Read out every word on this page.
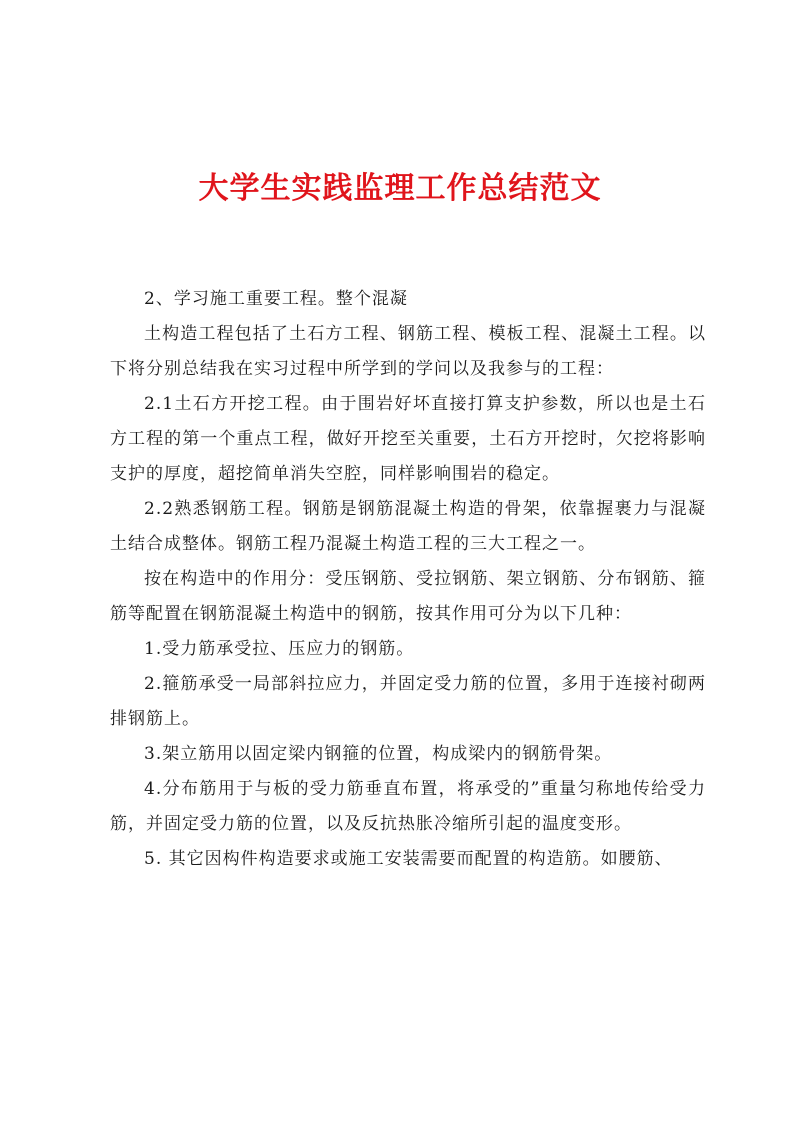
大学生实践监理工作总结范文

2、学习施工重要工程。整个混凝

土构造工程包括了土石方工程、钢筋工程、模板工程、混凝土工程。以下将分别总结我在实习过程中所学到的学问以及我参与的工程：

2.1土石方开挖工程。由于围岩好坏直接打算支护参数，所以也是土石方工程的第一个重点工程，做好开挖至关重要，土石方开挖时，欠挖将影响支护的厚度，超挖简单消失空腔，同样影响围岩的稳定。

2.2熟悉钢筋工程。钢筋是钢筋混凝土构造的骨架，依靠握裹力与混凝土结合成整体。钢筋工程乃混凝土构造工程的三大工程之一。

按在构造中的作用分：受压钢筋、受拉钢筋、架立钢筋、分布钢筋、箍筋等配置在钢筋混凝土构造中的钢筋，按其作用可分为以下几种：

1.受力筋承受拉、压应力的钢筋。

2.箍筋承受一局部斜拉应力，并固定受力筋的位置，多用于连接衬砌两排钢筋上。

3.架立筋用以固定梁内钢箍的位置，构成梁内的钢筋骨架。

4.分布筋用于与板的受力筋垂直布置，将承受的”重量匀称地传给受力筋，并固定受力筋的位置，以及反抗热胀冷缩所引起的温度变形。

5. 其它因构件构造要求或施工安装需要而配置的构造筋。如腰筋、
